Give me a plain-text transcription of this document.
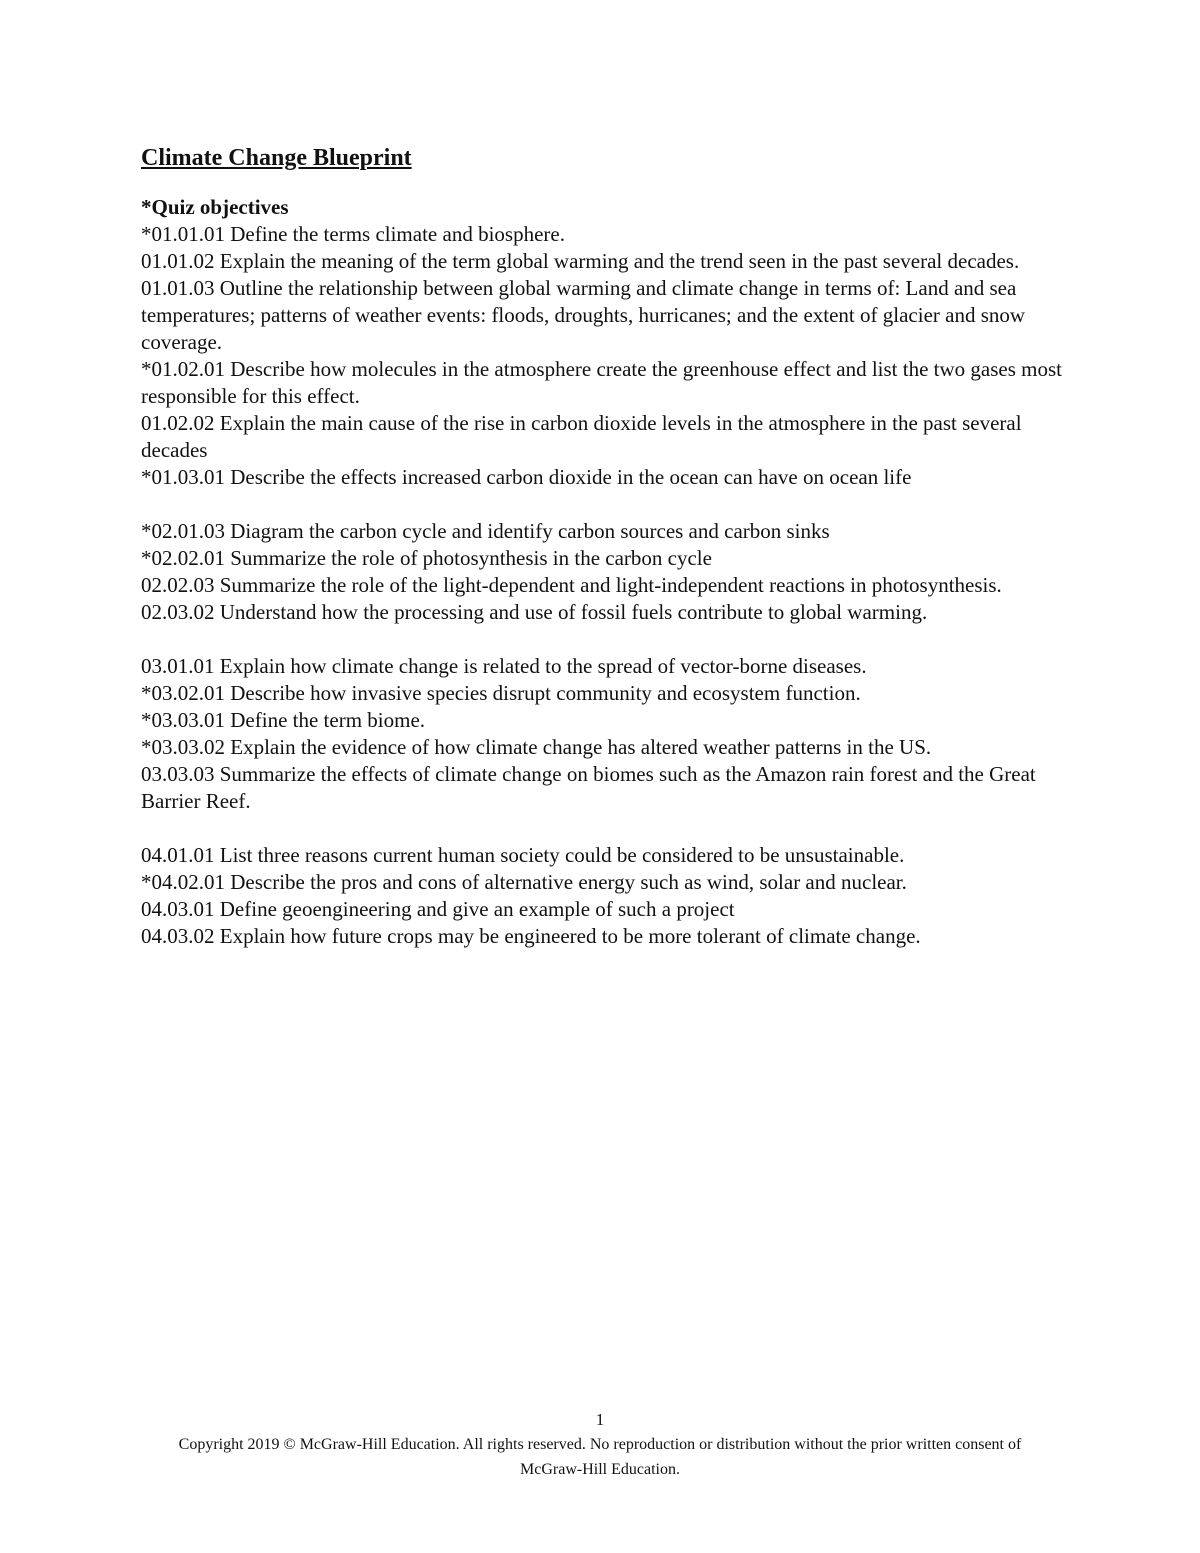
Climate Change Blueprint
*Quiz objectives

*01.01.01 Define the terms climate and biosphere.

01.01.02 Explain the meaning of the term global warming and the trend seen in the past several decades.

01.01.03 Outline the relationship between global warming and climate change in terms of: Land and sea temperatures; patterns of weather events: floods, droughts, hurricanes; and the extent of glacier and snow coverage.

*01.02.01 Describe how molecules in the atmosphere create the greenhouse effect and list the two gases most responsible for this effect.

01.02.02 Explain the main cause of the rise in carbon dioxide levels in the atmosphere in the past several decades

*01.03.01 Describe the effects increased carbon dioxide in the ocean can have on ocean life

*02.01.03 Diagram the carbon cycle and identify carbon sources and carbon sinks

*02.02.01 Summarize the role of photosynthesis in the carbon cycle

02.02.03 Summarize the role of the light-dependent and light-independent reactions in photosynthesis.

02.03.02 Understand how the processing and use of fossil fuels contribute to global warming.

03.01.01 Explain how climate change is related to the spread of vector-borne diseases.

*03.02.01 Describe how invasive species disrupt community and ecosystem function.

*03.03.01 Define the term biome.

*03.03.02 Explain the evidence of how climate change has altered weather patterns in the US.

03.03.03 Summarize the effects of climate change on biomes such as the Amazon rain forest and the Great Barrier Reef.

04.01.01 List three reasons current human society could be considered to be unsustainable.

*04.02.01 Describe the pros and cons of alternative energy such as wind, solar and nuclear.

04.03.01 Define geoengineering and give an example of such a project

04.03.02 Explain how future crops may be engineered to be more tolerant of climate change.

1
Copyright 2019 © McGraw-Hill Education. All rights reserved. No reproduction or distribution without the prior written consent of McGraw-Hill Education.
